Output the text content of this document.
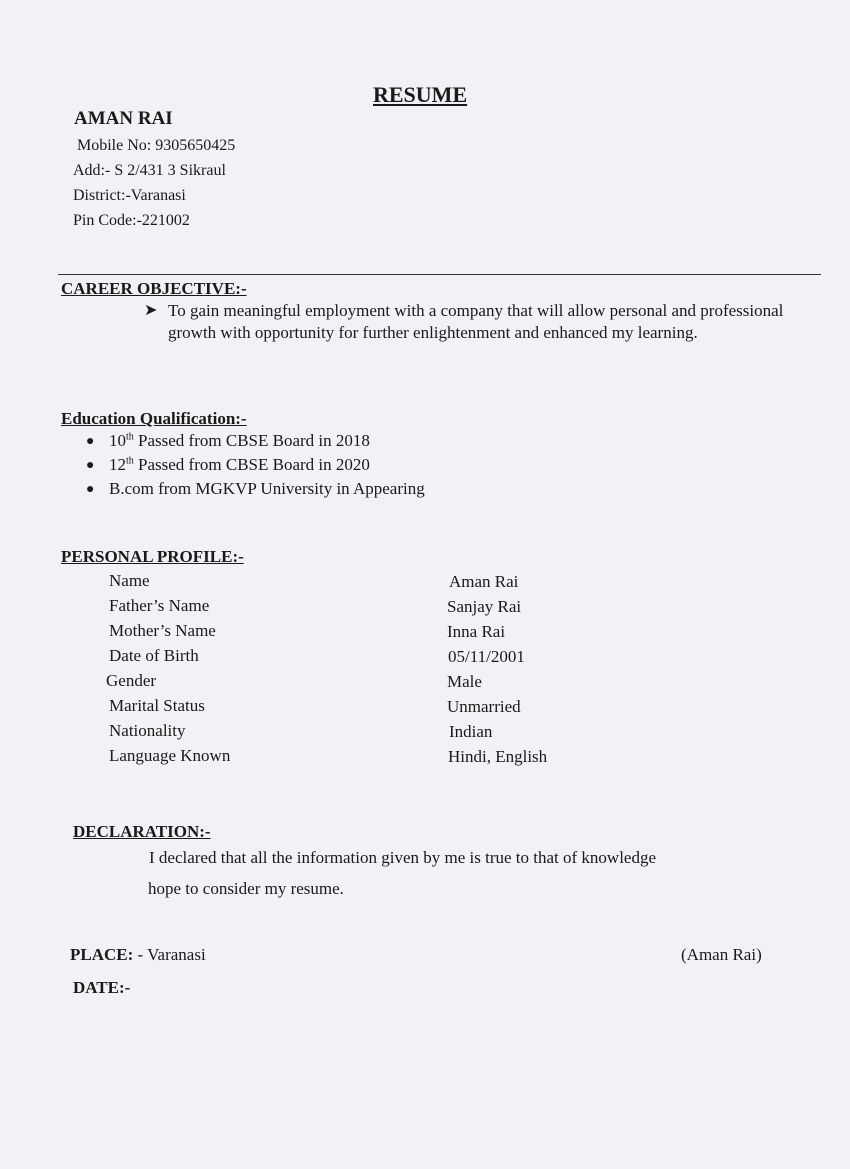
RESUME
AMAN RAI
Mobile No: 9305650425
Add:- S 2/431 3 Sikraul
District:-Varanasi
Pin Code:-221002
CAREER OBJECTIVE:-
➤ To gain meaningful employment with a company that will allow personal and professional growth with opportunity for further enlightenment and enhanced my learning.
Education Qualification:-
● 10th Passed from CBSE Board in 2018
● 12th Passed from CBSE Board in 2020
● B.com from MGKVP University in Appearing
PERSONAL PROFILE:-
Name	Aman Rai
Father’s Name	Sanjay Rai
Mother’s Name	Inna Rai
Date of Birth	05/11/2001
Gender	Male
Marital Status	Unmarried
Nationality	Indian
Language Known	Hindi, English
DECLARATION:-
I declared that all the information given by me is true to that of knowledge
hope to consider my resume.
PLACE: - Varanasi
DATE:-
(Aman Rai)
